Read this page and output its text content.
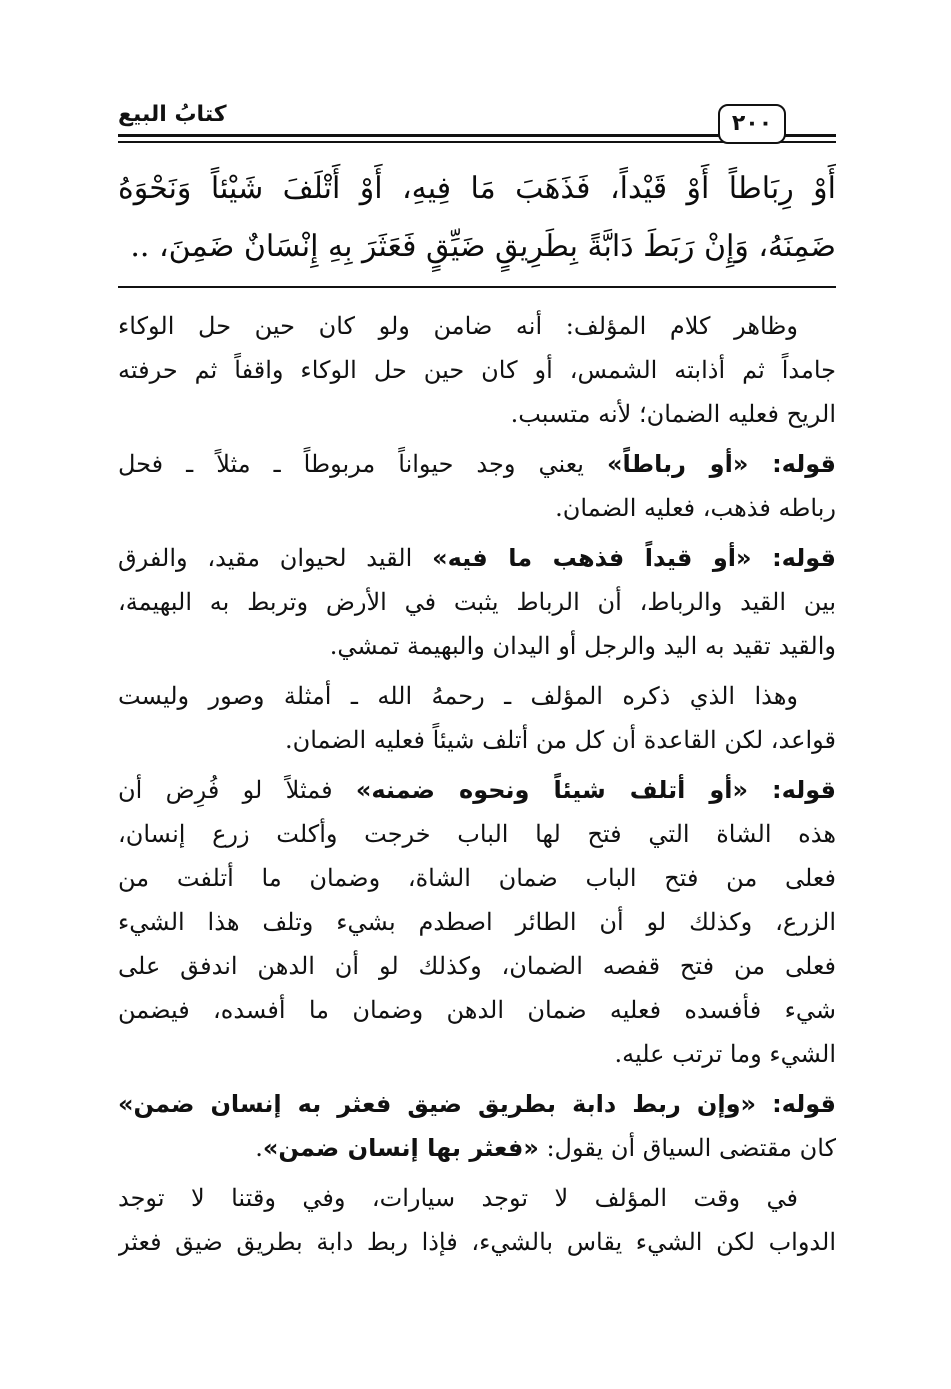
٢٠٠
كتابُ البيع
أَوْ رِبَاطاً أَوْ قَيْداً، فَذَهَبَ مَا فِيهِ، أَوْ أَتْلَفَ شَيْئاً وَنَحْوَهُ
ضَمِنَهُ، وَإِنْ رَبَطَ دَابَّةً بِطَرِيقٍ ضَيِّقٍ فَعَثَرَ بِهِ إِنْسَانٌ ضَمِنَ، ..
وظاهر كلام المؤلف: أنه ضامن ولو كان حين حل الوكاء
جامداً ثم أذابته الشمس، أو كان حين حل الوكاء واقفاً ثم حرفته
الريح فعليه الضمان؛ لأنه متسبب.
قوله: «أو رباطاً» يعني وجد حيواناً مربوطاً ـ مثلاً ـ فحل
رباطه فذهب، فعليه الضمان.
قوله: «أو قيداً فذهب ما فيه» القيد لحيوان مقيد، والفرق
بين القيد والرباط، أن الرباط يثبت في الأرض وتربط به البهيمة،
والقيد تقيد به اليد والرجل أو اليدان والبهيمة تمشي.
وهذا الذي ذكره المؤلف ـ رحمهُ الله ـ أمثلة وصور وليست
قواعد، لكن القاعدة أن كل من أتلف شيئاً فعليه الضمان.
قوله: «أو أتلف شيئاً ونحوه ضمنه» فمثلاً لو فُرِض أن
هذه الشاة التي فتح لها الباب خرجت وأكلت زرع إنسان،
فعلى من فتح الباب ضمان الشاة، وضمان ما أتلفت من
الزرع، وكذلك لو أن الطائر اصطدم بشيء وتلف هذا الشيء
فعلى من فتح قفصه الضمان، وكذلك لو أن الدهن اندفق على
شيء فأفسده فعليه ضمان الدهن وضمان ما أفسده، فيضمن
الشيء وما ترتب عليه.
قوله: «وإن ربط دابة بطريق ضيق فعثر به إنسان ضمن»
كان مقتضى السياق أن يقول: «فعثر بها إنسان ضمن».
في وقت المؤلف لا توجد سيارات، وفي وقتنا لا توجد
الدواب لكن الشيء يقاس بالشيء، فإذا ربط دابة بطريق ضيق فعثر
